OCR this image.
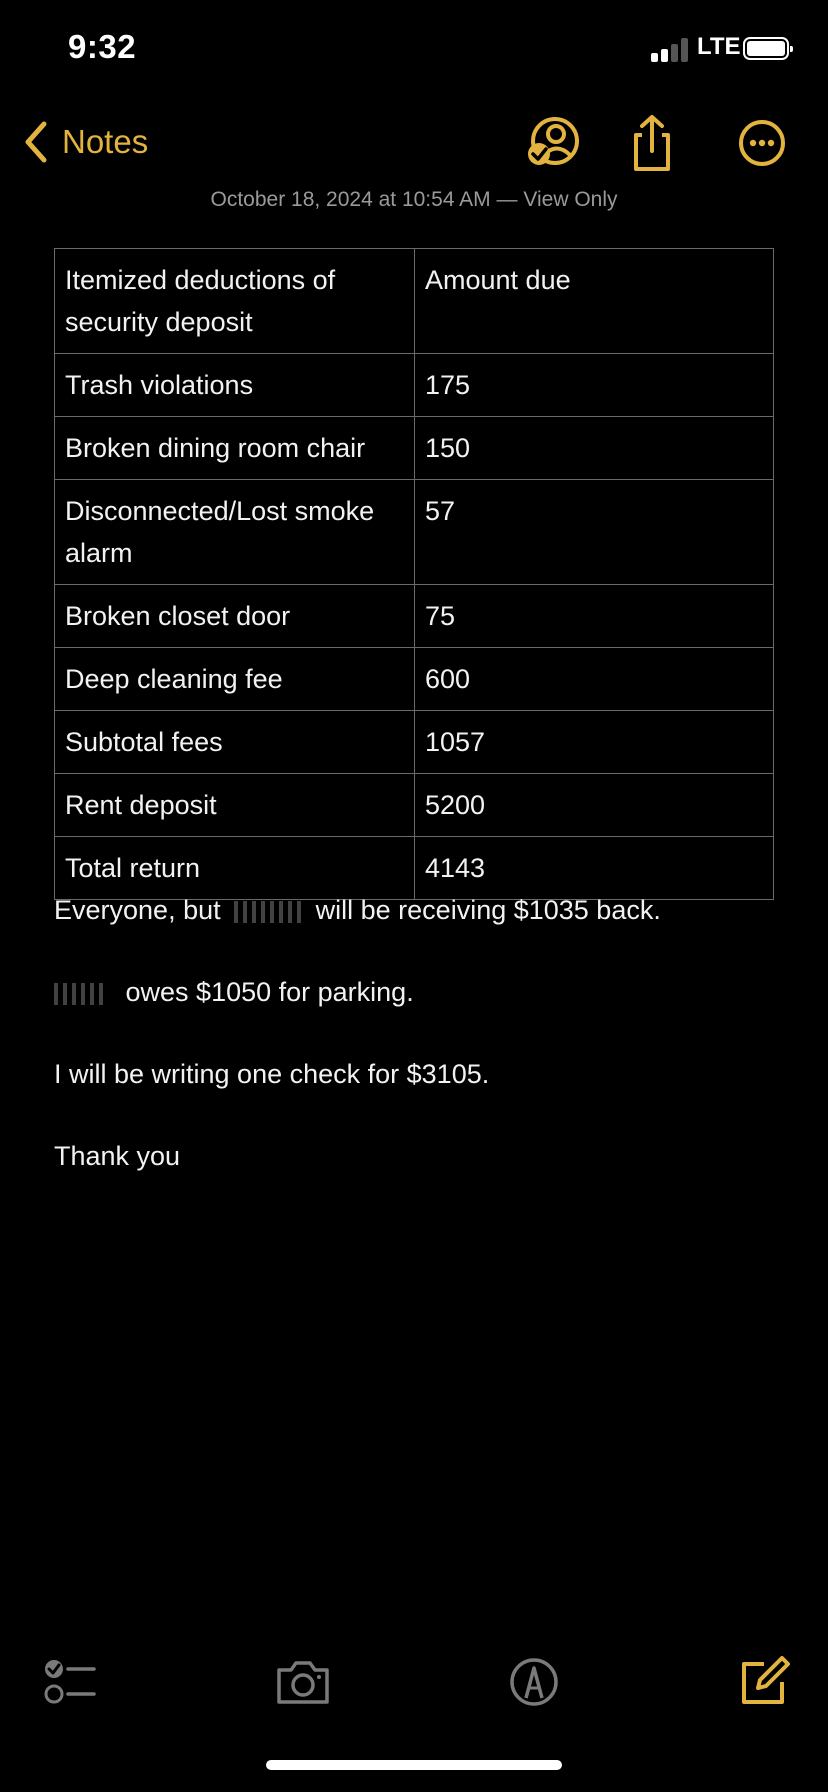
9:32	LTE
Notes
October 18, 2024 at 10:54 AM — View Only
Itemized deductions of security deposit	Amount due
Trash violations	175
Broken dining room chair	150
Disconnected/Lost smoke alarm	57
Broken closet door	75
Deep cleaning fee	600
Subtotal fees	1057
Rent deposit	5200
Total return	4143
Everyone, but	will be receiving $1035 back.
owes $1050 for parking.
I will be writing one check for $3105.
Thank you
